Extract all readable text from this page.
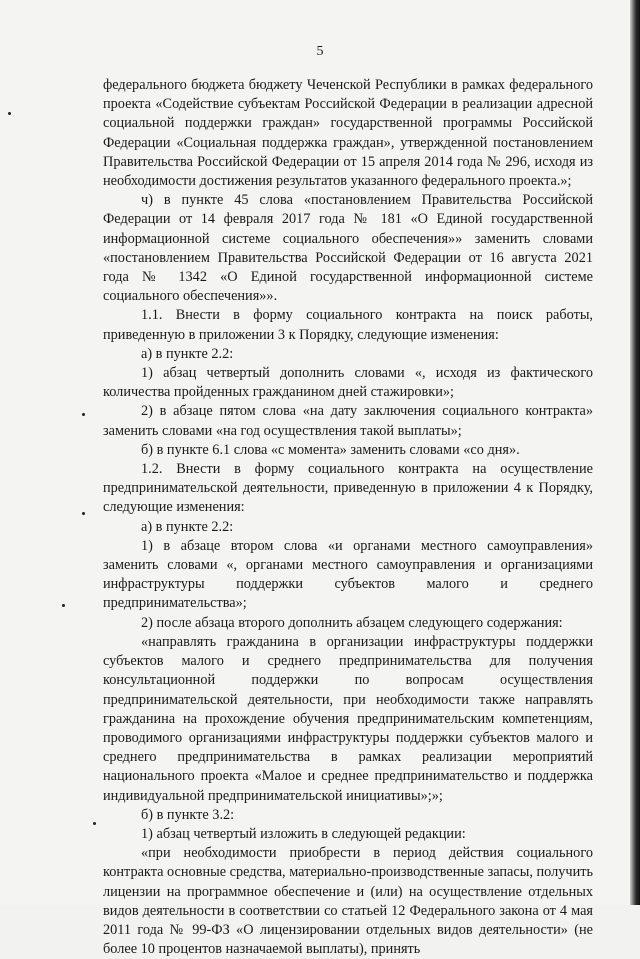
5

федерального бюджета бюджету Чеченской Республики в рамках федерального проекта «Содействие субъектам Российской Федерации в реализации адресной социальной поддержки граждан» государственной программы Российской Федерации «Социальная поддержка граждан», утвержденной постановлением Правительства Российской Федерации от 15 апреля 2014 года № 296, исходя из необходимости достижения результатов указанного федерального проекта.»;

ч) в пункте 45 слова «постановлением Правительства Российской Федерации от 14 февраля 2017 года № 181 «О Единой государственной информационной системе социального обеспечения»» заменить словами «постановлением Правительства Российской Федерации от 16 августа 2021 года № 1342 «О Единой государственной информационной системе социального обеспечения»».

1.1. Внести в форму социального контракта на поиск работы, приведенную в приложении 3 к Порядку, следующие изменения:

а) в пункте 2.2:

1) абзац четвертый дополнить словами «, исходя из фактического количества пройденных гражданином дней стажировки»;

2) в абзаце пятом слова «на дату заключения социального контракта» заменить словами «на год осуществления такой выплаты»;

б) в пункте 6.1 слова «с момента» заменить словами «со дня».

1.2. Внести в форму социального контракта на осуществление предпринимательской деятельности, приведенную в приложении 4 к Порядку, следующие изменения:

а) в пункте 2.2:

1) в абзаце втором слова «и органами местного самоуправления» заменить словами «, органами местного самоуправления и организациями инфраструктуры поддержки субъектов малого и среднего предпринимательства»;

2) после абзаца второго дополнить абзацем следующего содержания:

«направлять гражданина в организации инфраструктуры поддержки субъектов малого и среднего предпринимательства для получения консультационной поддержки по вопросам осуществления предпринимательской деятельности, при необходимости также направлять гражданина на прохождение обучения предпринимательским компетенциям, проводимого организациями инфраструктуры поддержки субъектов малого и среднего предпринимательства в рамках реализации мероприятий национального проекта «Малое и среднее предпринимательство и поддержка индивидуальной предпринимательской инициативы»;»;

б) в пункте 3.2:

1) абзац четвертый изложить в следующей редакции:

«при необходимости приобрести в период действия социального контракта основные средства, материально-производственные запасы, получить лицензии на программное обеспечение и (или) на осуществление отдельных видов деятельности в соответствии со статьей 12 Федерального закона от 4 мая 2011 года № 99-ФЗ «О лицензировании отдельных видов деятельности» (не более 10 процентов назначаемой выплаты), принять
